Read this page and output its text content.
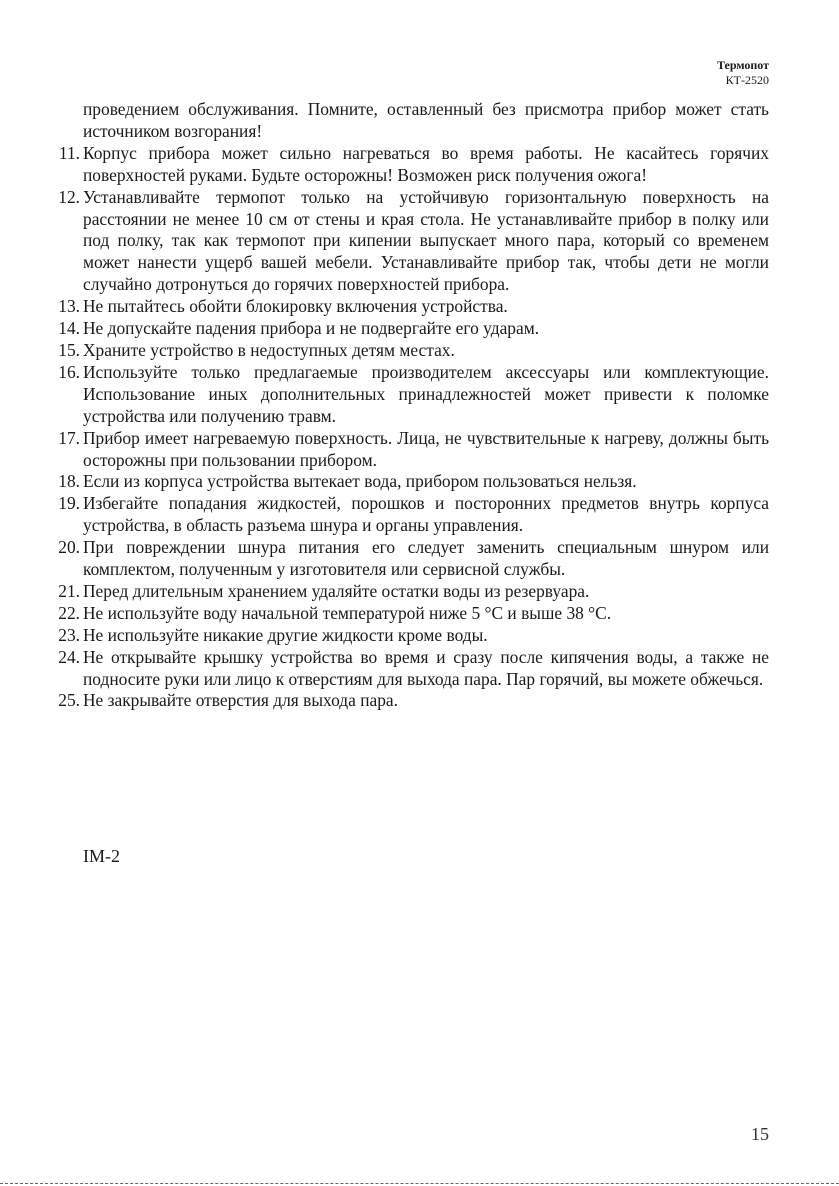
Термопот
КТ-2520

проведением обслуживания. Помните, оставленный без присмотра прибор может стать источником возгорания!

11. Корпус прибора может сильно нагреваться во время работы. Не касайтесь горячих поверхностей руками. Будьте осторожны! Возможен риск получения ожога!
12. Устанавливайте термопот только на устойчивую горизонтальную поверхность на расстоянии не менее 10 см от стены и края стола. Не устанавливайте прибор в полку или под полку, так как термопот при кипении выпускает много пара, который со временем может нанести ущерб вашей мебели. Устанавливайте прибор так, чтобы дети не могли случайно дотронуться до горячих поверхностей прибора.
13. Не пытайтесь обойти блокировку включения устройства.
14. Не допускайте падения прибора и не подвергайте его ударам.
15. Храните устройство в недоступных детям местах.
16. Используйте только предлагаемые производителем аксессуары или комплектующие. Использование иных дополнительных принадлежностей может привести к поломке устройства или получению травм.
17. Прибор имеет нагреваемую поверхность. Лица, не чувствительные к нагреву, должны быть осторожны при пользовании прибором.
18. Если из корпуса устройства вытекает вода, прибором пользоваться нельзя.
19. Избегайте попадания жидкостей, порошков и посторонних предметов внутрь корпуса устройства, в область разъема шнура и органы управления.
20. При повреждении шнура питания его следует заменить специальным шнуром или комплектом, полученным у изготовителя или сервисной службы.
21. Перед длительным хранением удаляйте остатки воды из резервуара.
22. Не используйте воду начальной температурой ниже 5 °С и выше 38 °С.
23. Не используйте никакие другие жидкости кроме воды.
24. Не открывайте крышку устройства во время и сразу после кипячения воды, а также не подносите руки или лицо к отверстиям для выхода пара. Пар горячий, вы можете обжечься.
25. Не закрывайте отверстия для выхода пара.
IM-2
15
